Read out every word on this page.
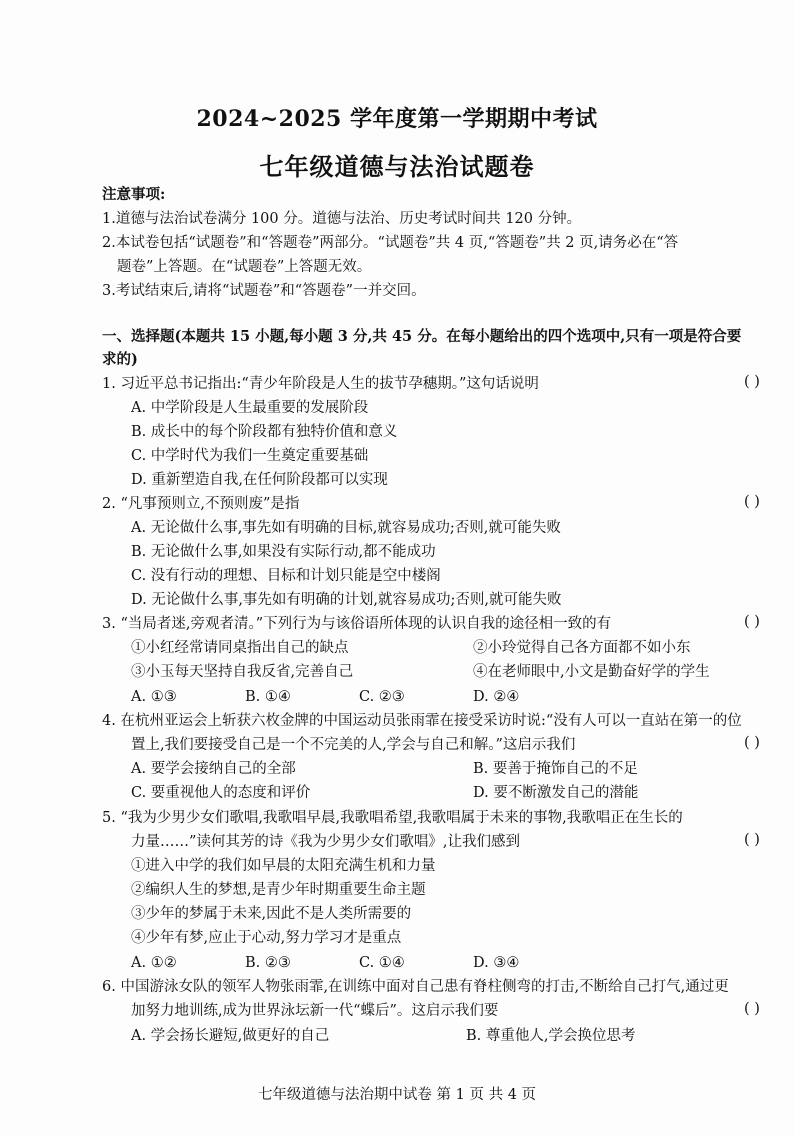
2024~2025 学年度第一学期期中考试
七年级道德与法治试题卷
注意事项:
1.道德与法治试卷满分 100 分。道德与法治、历史考试时间共 120 分钟。
2.本试卷包括“试题卷”和“答题卷”两部分。“试题卷”共 4 页,“答题卷”共 2 页,请务必在“答
题卷”上答题。在“试题卷”上答题无效。
3.考试结束后,请将“试题卷”和“答题卷”一并交回。
一、选择题(本题共 15 小题,每小题 3 分,共 45 分。在每小题给出的四个选项中,只有一项是符合要
求的)
1. 习近平总书记指出:“青少年阶段是人生的拔节孕穗期。”这句话说明	( )
A. 中学阶段是人生最重要的发展阶段
B. 成长中的每个阶段都有独特价值和意义
C. 中学时代为我们一生奠定重要基础
D. 重新塑造自我,在任何阶段都可以实现
2. “凡事预则立,不预则废”是指	( )
A. 无论做什么事,事先如有明确的目标,就容易成功;否则,就可能失败
B. 无论做什么事,如果没有实际行动,都不能成功
C. 没有行动的理想、目标和计划只能是空中楼阁
D. 无论做什么事,事先如有明确的计划,就容易成功;否则,就可能失败
3. “当局者迷,旁观者清。”下列行为与该俗语所体现的认识自我的途径相一致的有	( )
①小红经常请同桌指出自己的缺点	②小玲觉得自己各方面都不如小东
③小玉每天坚持自我反省,完善自己	④在老师眼中,小文是勤奋好学的学生
A. ①③	B. ①④	C. ②③	D. ②④
4. 在杭州亚运会上斩获六枚金牌的中国运动员张雨霏在接受采访时说:“没有人可以一直站在第一的位
置上,我们要接受自己是一个不完美的人,学会与自己和解。”这启示我们	( )
A. 要学会接纳自己的全部	B. 要善于掩饰自己的不足
C. 要重视他人的态度和评价	D. 要不断激发自己的潜能
5. “我为少男少女们歌唱,我歌唱早晨,我歌唱希望,我歌唱属于未来的事物,我歌唱正在生长的
力量……”读何其芳的诗《我为少男少女们歌唱》,让我们感到	( )
①进入中学的我们如早晨的太阳充满生机和力量
②编织人生的梦想,是青少年时期重要生命主题
③少年的梦属于未来,因此不是人类所需要的
④少年有梦,应止于心动,努力学习才是重点
A. ①②	B. ②③	C. ①④	D. ③④
6. 中国游泳女队的领军人物张雨霏,在训练中面对自己患有脊柱侧弯的打击,不断给自己打气,通过更
加努力地训练,成为世界泳坛新一代“蝶后”。这启示我们要	( )
A. 学会扬长避短,做更好的自己	B. 尊重他人,学会换位思考
七年级道德与法治期中试卷 第 1 页 共 4 页
